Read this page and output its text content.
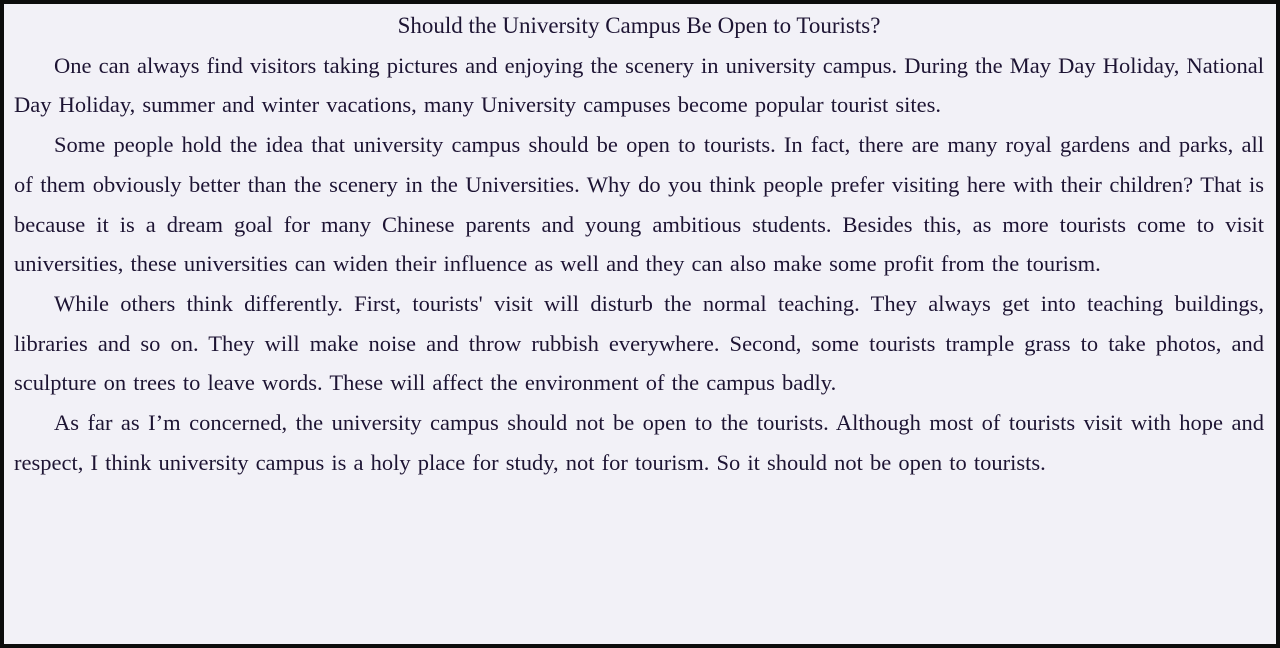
Should the University Campus Be Open to Tourists?

One can always find visitors taking pictures and enjoying the scenery in university campus. During the May Day Holiday, National Day Holiday, summer and winter vacations, many University campuses become popular tourist sites.

Some people hold the idea that university campus should be open to tourists. In fact, there are many royal gardens and parks, all of them obviously better than the scenery in the Universities. Why do you think people prefer visiting here with their children? That is because it is a dream goal for many Chinese parents and young ambitious students. Besides this, as more tourists come to visit universities, these universities can widen their influence as well and they can also make some profit from the tourism.

While others think differently. First, tourists' visit will disturb the normal teaching. They always get into teaching buildings, libraries and so on. They will make noise and throw rubbish everywhere. Second, some tourists trample grass to take photos, and sculpture on trees to leave words. These will affect the environment of the campus badly.

As far as I’m concerned, the university campus should not be open to the tourists. Although most of tourists visit with hope and respect, I think university campus is a holy place for study, not for tourism. So it should not be open to tourists.
